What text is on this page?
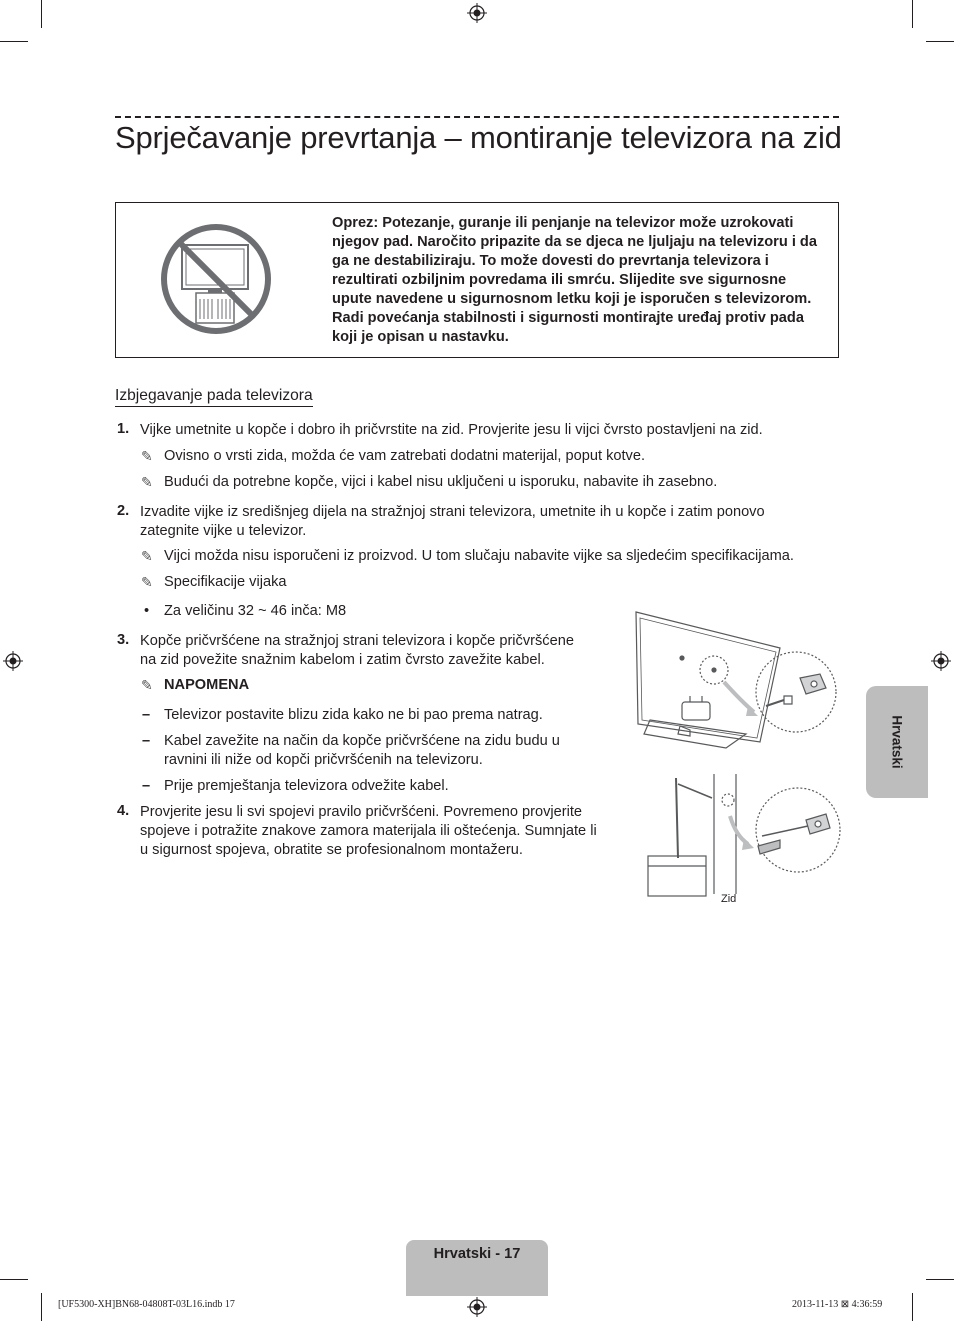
Sprječavanje prevrtanja – montiranje televizora na zid
Oprez: Potezanje, guranje ili penjanje na televizor može uzrokovati njegov pad. Naročito pripazite da se djeca ne ljuljaju na televizoru i da ga ne destabiliziraju. To može dovesti do prevrtanja televizora i rezultirati ozbiljnim povredama ili smrću. Slijedite sve sigurnosne upute navedene u sigurnosnom letku koji je isporučen s televizorom. Radi povećanja stabilnosti i sigurnosti montirajte uređaj protiv pada koji je opisan u nastavku.
Izbjegavanje pada televizora
1. Vijke umetnite u kopče i dobro ih pričvrstite na zid. Provjerite jesu li vijci čvrsto postavljeni na zid.
✎ Ovisno o vrsti zida, možda će vam zatrebati dodatni materijal, poput kotve.
✎ Budući da potrebne kopče, vijci i kabel nisu uključeni u isporuku, nabavite ih zasebno.
2. Izvadite vijke iz središnjeg dijela na stražnjoj strani televizora, umetnite ih u kopče i zatim ponovo
zategnite vijke u televizor.
✎ Vijci možda nisu isporučeni iz proizvod. U tom slučaju nabavite vijke sa sljedećim specifikacijama.
✎ Specifikacije vijaka
• Za veličinu 32 ~ 46 inča: M8
3. Kopče pričvršćene na stražnjoj strani televizora i kopče pričvršćene
na zid povežite snažnim kabelom i zatim čvrsto zavežite kabel.
✎ NAPOMENA
– Televizor postavite blizu zida kako ne bi pao prema natrag.
– Kabel zavežite na način da kopče pričvršćene na zidu budu u
ravnini ili niže od kopči pričvršćenih na televizoru.
– Prije premještanja televizora odvežite kabel.
4. Provjerite jesu li svi spojevi pravilo pričvršćeni. Povremeno provjerite
spojeve i potražite znakove zamora materijala ili oštećenja. Sumnjate li
u sigurnost spojeva, obratite se profesionalnom montažeru.
Zid
Hrvatski
Hrvatski - 17
[UF5300-XH]BN68-04808T-03L16.indb 17	2013-11-13 ⊠ 4:36:59
